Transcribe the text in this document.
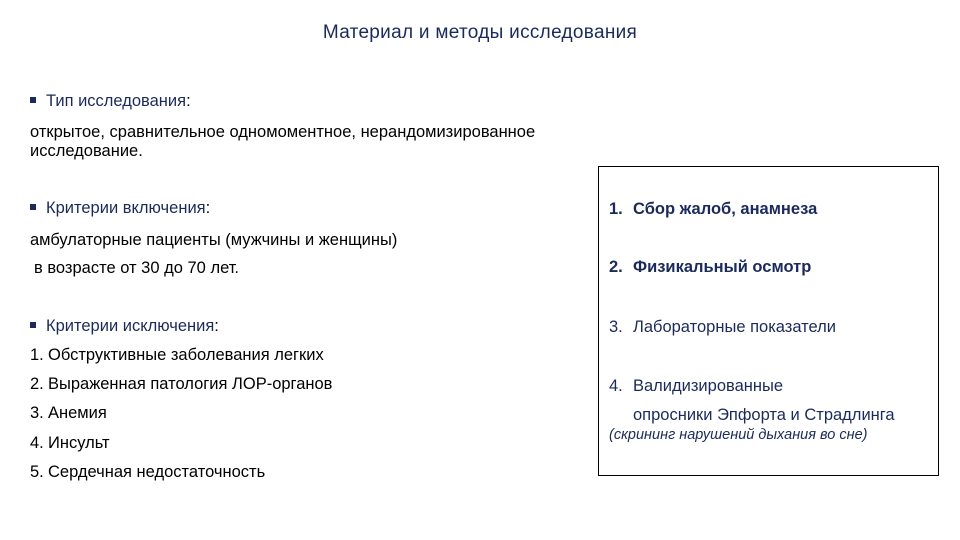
Материал и методы исследования
Тип исследования:
открытое, сравнительное одномоментное, нерандомизированное
исследование.
Критерии включения:
амбулаторные пациенты (мужчины и женщины)
в возрасте от 30 до 70 лет.
Критерии исключения:
1. Обструктивные заболевания легких
2. Выраженная патология ЛОР-органов
3. Анемия
4. Инсульт
5. Сердечная недостаточность
1. Сбор жалоб, анамнеза
2. Физикальный осмотр
3. Лабораторные показатели
4. Валидизированные
опросники Эпфорта и Страдлинга
(скрининг нарушений дыхания во сне)
